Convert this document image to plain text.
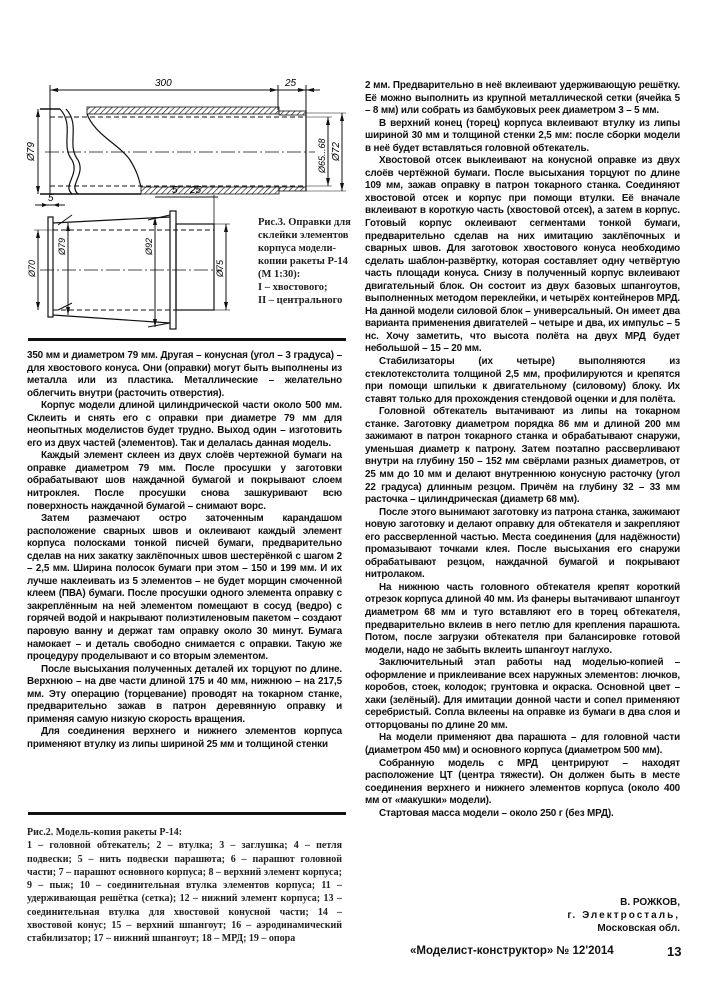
300	25
Ø79	Ø65...68 Ø72
5
5 25
Ø70
Ø79	Ø92
Ø75
Рис.3. Оправки для склейки элементов корпуса модели-копии ракеты Р-14 (М 1:30):
I – хвостового;
II – центрального

350 мм и диаметром 79 мм. Другая – конусная (угол – 3 градуса) – для хвостового конуса. Они (оправки) могут быть выполнены из металла или из пластика. Металлические – желательно облегчить внутри (расточить отверстия).

Корпус модели длиной цилиндрической части около 500 мм. Склеить и снять его с оправки при диаметре 79 мм для неопытных моделистов будет трудно. Выход один – изготовить его из двух частей (элементов). Так и делалась данная модель.

Каждый элемент склеен из двух слоёв чертежной бумаги на оправке диаметром 79 мм. После просушки у заготовки обрабатывают шов наждачной бумагой и покрывают слоем нитроклея. После просушки снова зашкуривают всю поверхность наждачной бумагой – снимают ворс.

Затем размечают остро заточенным карандашом расположение сварных швов и оклеивают каждый элемент корпуса полосками тонкой писчей бумаги, предварительно сделав на них закатку заклёпочных швов шестерёнкой с шагом 2 – 2,5 мм. Ширина полосок бумаги при этом – 150 и 199 мм. И их лучше наклеивать из 5 элементов – не будет морщин смоченной клеем (ПВА) бумаги. После просушки одного элемента оправку с закреплённым на ней элементом помещают в сосуд (ведро) с горячей водой и накрывают полиэтиленовым пакетом – создают паровую ванну и держат там оправку около 30 минут. Бумага намокает – и деталь свободно снимается с оправки. Такую же процедуру проделывают и со вторым элементом.

После высыхания полученных деталей их торцуют по длине. Верхнюю – на две части длиной 175 и 40 мм, нижнюю – на 217,5 мм. Эту операцию (торцевание) проводят на токарном станке, предварительно зажав в патрон деревянную оправку и применяя самую низкую скорость вращения.

Для соединения верхнего и нижнего элементов корпуса применяют втулку из липы шириной 25 мм и толщиной стенки

Рис.2. Модель-копия ракеты Р-14:
1 – головной обтекатель; 2 – втулка; 3 – заглушка; 4 – петля подвески; 5 – нить подвески парашюта; 6 – парашют головной части; 7 – парашют основного корпуса; 8 – верхний элемент корпуса; 9 – пыж; 10 – соединительная втулка элементов корпуса; 11 – удерживающая решётка (сетка); 12 – нижний элемент корпуса; 13 – соединительная втулка для хвостовой конусной части; 14 – хвостовой конус; 15 – верхний шпангоут; 16 – аэродинамический стабилизатор; 17 – нижний шпангоут; 18 – МРД; 19 – опора

2 мм. Предварительно в неё вклеивают удерживающую решётку. Её можно выполнить из крупной металлической сетки (ячейка 5 – 8 мм) или собрать из бамбуковых реек диаметром 3 – 5 мм.

В верхний конец (торец) корпуса вклеивают втулку из липы шириной 30 мм и толщиной стенки 2,5 мм: после сборки модели в неё будет вставляться головной обтекатель.

Хвостовой отсек выклеивают на конусной оправке из двух слоёв чертёжной бумаги. После высыхания торцуют по длине 109 мм, зажав оправку в патрон токарного станка. Соединяют хвостовой отсек и корпус при помощи втулки. Её вначале вклеивают в короткую часть (хвостовой отсек), а затем в корпус. Готовый корпус оклеивают сегментами тонкой бумаги, предварительно сделав на них имитацию заклёпочных и сварных швов. Для заготовок хвостового конуса необходимо сделать шаблон-развёртку, которая составляет одну четвёртую часть площади конуса. Снизу в полученный корпус вклеивают двигательный блок. Он состоит из двух базовых шпангоутов, выполненных методом переклейки, и четырёх контейнеров МРД. На данной модели силовой блок – универсальный. Он имеет два варианта применения двигателей – четыре и два, их импульс – 5 нс. Хочу заметить, что высота полёта на двух МРД будет небольшой – 15 – 20 мм.

Стабилизаторы (их четыре) выполняются из стеклотекстолита толщиной 2,5 мм, профилируются и крепятся при помощи шпильки к двигательному (силовому) блоку. Их ставят только для прохождения стендовой оценки и для полёта.

Головной обтекатель вытачивают из липы на токарном станке. Заготовку диаметром порядка 86 мм и длиной 200 мм зажимают в патрон токарного станка и обрабатывают снаружи, уменьшая диаметр к патрону. Затем поэтапно рассверливают внутри на глубину 150 – 152 мм свёрлами разных диаметров, от 25 мм до 10 мм и делают внутреннюю конусную расточку (угол 22 градуса) длинным резцом. Причём на глубину 32 – 33 мм расточка – цилиндрическая (диаметр 68 мм).

После этого вынимают заготовку из патрона станка, зажимают новую заготовку и делают оправку для обтекателя и закрепляют его рассверленной частью. Места соединения (для надёжности) промазывают точками клея. После высыхания его снаружи обрабатывают резцом, наждачной бумагой и покрывают нитролаком.

На нижнюю часть головного обтекателя крепят короткий отрезок корпуса длиной 40 мм. Из фанеры вытачивают шпангоут диаметром 68 мм и туго вставляют его в торец обтекателя, предварительно вклеив в него петлю для крепления парашюта. Потом, после загрузки обтекателя при балансировке готовой модели, надо не забыть вклеить шпангоут наглухо.

Заключительный этап работы над моделью-копией – оформление и приклеивание всех наружных элементов: лючков, коробов, стоек, колодок; грунтовка и окраска. Основной цвет – хаки (зелёный). Для имитации донной части и сопел применяют серебристый. Сопла вклеены на оправке из бумаги в два слоя и отторцованы по длине 20 мм.

На модели применяют два парашюта – для головной части (диаметром 450 мм) и основного корпуса (диаметром 500 мм).

Собранную модель с МРД центрируют – находят расположение ЦТ (центра тяжести). Он должен быть в месте соединения верхнего и нижнего элементов корпуса (около 400 мм от «макушки» модели).

Стартовая масса модели – около 250 г (без МРД).

В. РОЖКОВ,
г. Электросталь,
Московская обл.
«Моделист-конструктор» № 12'2014	13
